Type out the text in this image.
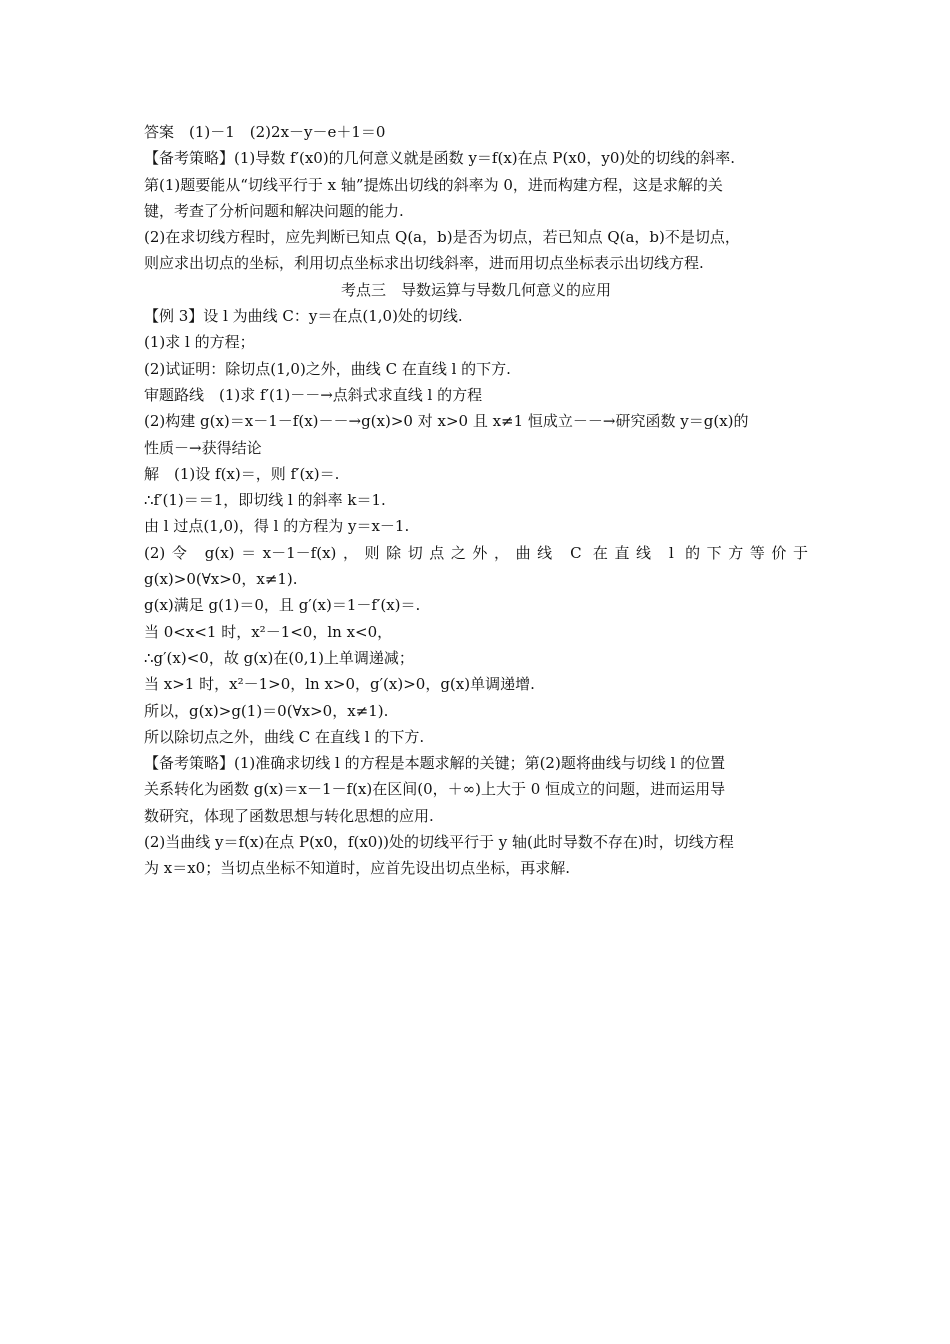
答案　(1)－1　(2)2x－y－e＋1＝0
【备考策略】(1)导数 f′(x0)的几何意义就是函数 y＝f(x)在点 P(x0，y0)处的切线的斜率.
第(1)题要能从“切线平行于 x 轴”提炼出切线的斜率为 0，进而构建方程，这是求解的关
键，考查了分析问题和解决问题的能力.
(2)在求切线方程时，应先判断已知点 Q(a，b)是否为切点，若已知点 Q(a，b)不是切点，
则应求出切点的坐标，利用切点坐标求出切线斜率，进而用切点坐标表示出切线方程.
考点三　导数运算与导数几何意义的应用
【例 3】设 l 为曲线 C：y＝在点(1,0)处的切线.
(1)求 l 的方程；
(2)试证明：除切点(1,0)之外，曲线 C 在直线 l 的下方.
审题路线　(1)求 f′(1)－－→点斜式求直线 l 的方程
(2)构建 g(x)＝x－1－f(x)－－→g(x)>0 对 x>0 且 x≠1 恒成立－－→研究函数 y＝g(x)的
性质－→获得结论
解　(1)设 f(x)＝，则 f′(x)＝.
∴f′(1)＝＝1，即切线 l 的斜率 k＝1.
由 l 过点(1,0)，得 l 的方程为 y＝x－1.
(2)令 g(x)＝x－1－f(x)，则除切点之外，曲线 C 在直线 l 的下方等价于
g(x)>0(∀x>0，x≠1).
g(x)满足 g(1)＝0，且 g′(x)＝1－f′(x)＝.
当 0<x<1 时，x²－1<0，ln x<0，
∴g′(x)<0，故 g(x)在(0,1)上单调递减；
当 x>1 时，x²－1>0，ln x>0，g′(x)>0，g(x)单调递增.
所以，g(x)>g(1)＝0(∀x>0，x≠1).
所以除切点之外，曲线 C 在直线 l 的下方.
【备考策略】(1)准确求切线 l 的方程是本题求解的关键；第(2)题将曲线与切线 l 的位置
关系转化为函数 g(x)＝x－1－f(x)在区间(0，＋∞)上大于 0 恒成立的问题，进而运用导
数研究，体现了函数思想与转化思想的应用.
(2)当曲线 y＝f(x)在点 P(x0，f(x0))处的切线平行于 y 轴(此时导数不存在)时，切线方程
为 x＝x0；当切点坐标不知道时，应首先设出切点坐标，再求解.
